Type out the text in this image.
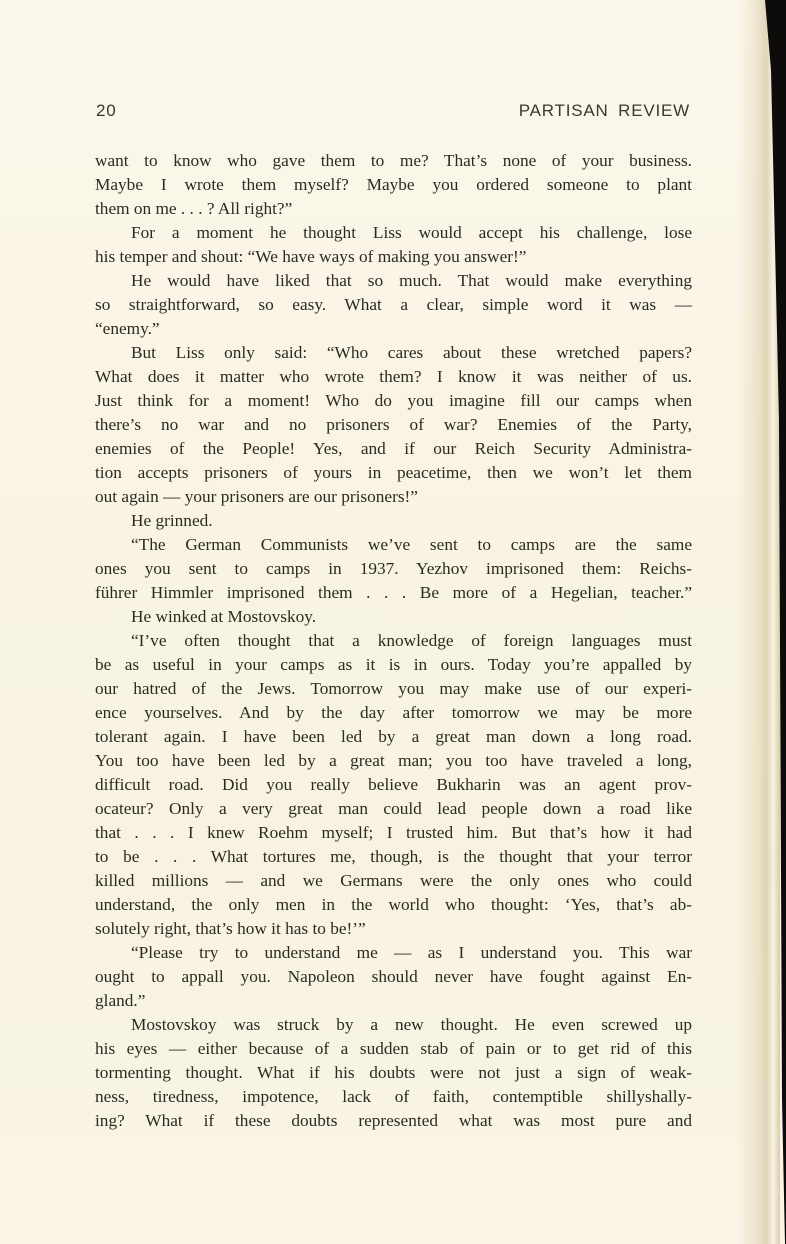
20	PARTISAN REVIEW
want to know who gave them to me? That’s none of your business.
Maybe I wrote them myself? Maybe you ordered someone to plant
them on me . . . ? All right?”
For a moment he thought Liss would accept his challenge, lose
his temper and shout: “We have ways of making you answer!”
He would have liked that so much. That would make everything
so straightforward, so easy. What a clear, simple word it was —
“enemy.”
But Liss only said: “Who cares about these wretched papers?
What does it matter who wrote them? I know it was neither of us.
Just think for a moment! Who do you imagine fill our camps when
there’s no war and no prisoners of war? Enemies of the Party,
enemies of the People! Yes, and if our Reich Security Administra-
tion accepts prisoners of yours in peacetime, then we won’t let them
out again — your prisoners are our prisoners!”
He grinned.
“The German Communists we’ve sent to camps are the same
ones you sent to camps in 1937. Yezhov imprisoned them: Reichs-
führer Himmler imprisoned them . . . Be more of a Hegelian, teacher.”
He winked at Mostovskoy.
“I’ve often thought that a knowledge of foreign languages must
be as useful in your camps as it is in ours. Today you’re appalled by
our hatred of the Jews. Tomorrow you may make use of our experi-
ence yourselves. And by the day after tomorrow we may be more
tolerant again. I have been led by a great man down a long road.
You too have been led by a great man; you too have traveled a long,
difficult road. Did you really believe Bukharin was an agent prov-
ocateur? Only a very great man could lead people down a road like
that . . . I knew Roehm myself; I trusted him. But that’s how it had
to be . . . What tortures me, though, is the thought that your terror
killed millions — and we Germans were the only ones who could
understand, the only men in the world who thought: ‘Yes, that’s ab-
solutely right, that’s how it has to be!’”
“Please try to understand me — as I understand you. This war
ought to appall you. Napoleon should never have fought against En-
gland.”
Mostovskoy was struck by a new thought. He even screwed up
his eyes — either because of a sudden stab of pain or to get rid of this
tormenting thought. What if his doubts were not just a sign of weak-
ness, tiredness, impotence, lack of faith, contemptible shillyshally-
ing? What if these doubts represented what was most pure and
